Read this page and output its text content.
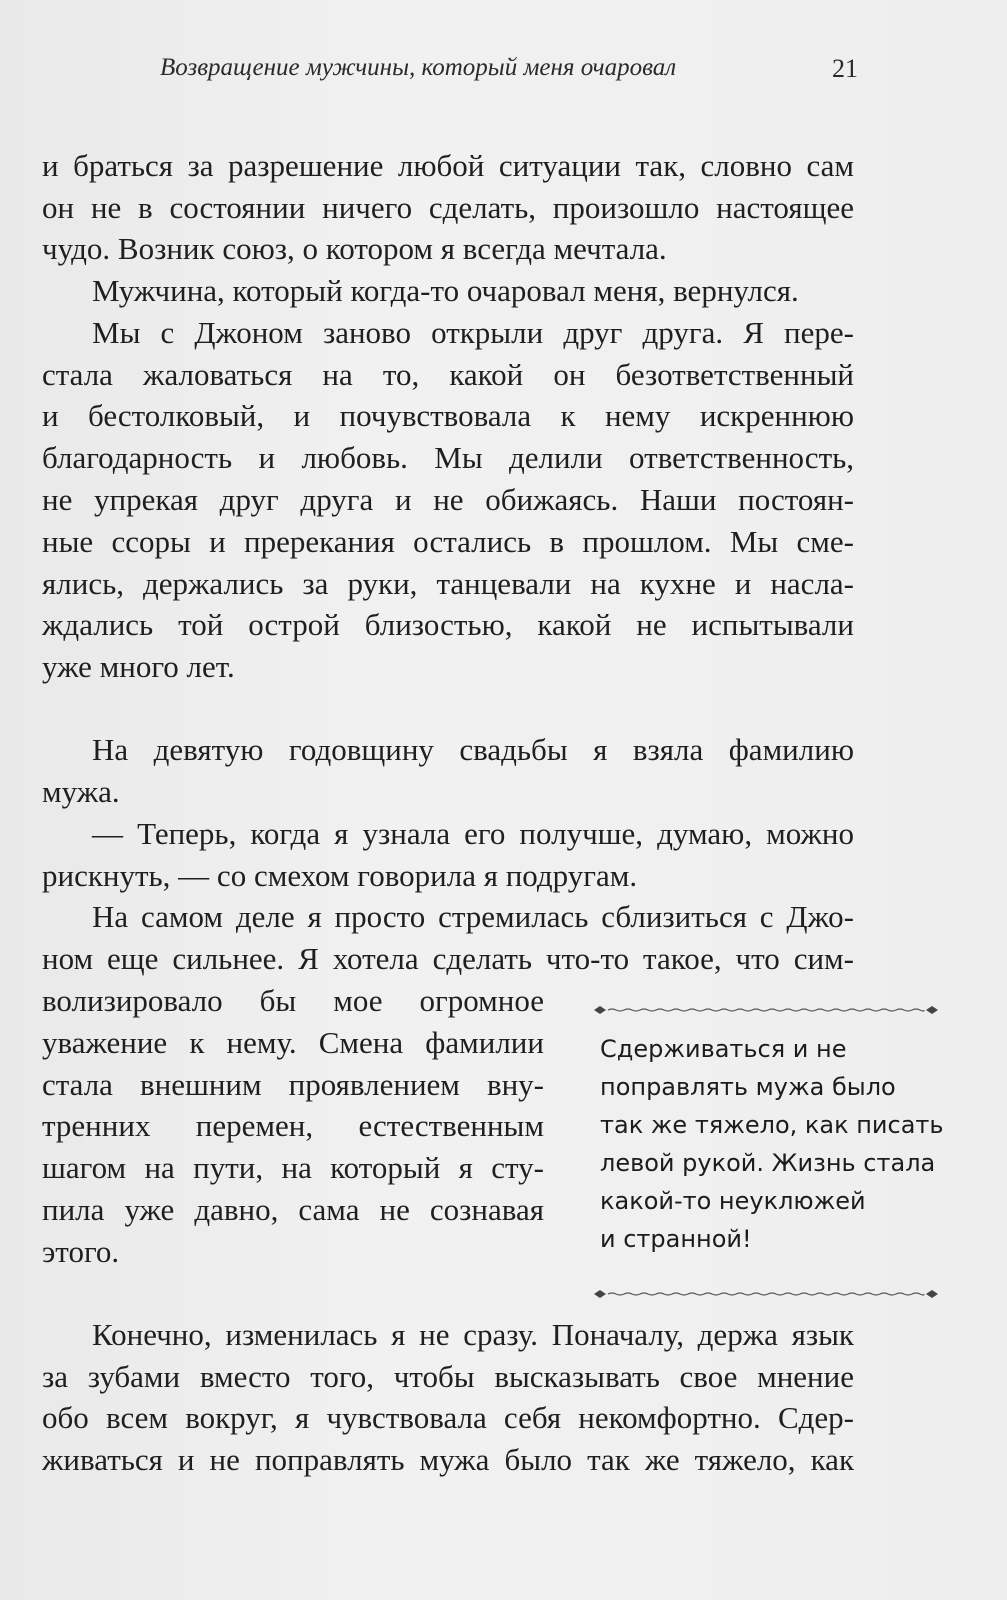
Возвращение мужчины, который меня очаровал	21
и браться за разрешение любой ситуации так, словно сам
он не в состоянии ничего сделать, произошло настоящее
чудо. Возник союз, о котором я всегда мечтала.
Мужчина, который когда-то очаровал меня, вернулся.
Мы с Джоном заново открыли друг друга. Я пере-
стала жаловаться на то, какой он безответственный
и бестолковый, и почувствовала к нему искреннюю
благодарность и любовь. Мы делили ответственность,
не упрекая друг друга и не обижаясь. Наши постоян-
ные ссоры и пререкания остались в прошлом. Мы сме-
ялись, держались за руки, танцевали на кухне и насла-
ждались той острой близостью, какой не испытывали
уже много лет.
На девятую годовщину свадьбы я взяла фамилию
мужа.
— Теперь, когда я узнала его получше, думаю, можно
рискнуть, — со смехом говорила я подругам.
На самом деле я просто стремилась сблизиться с Джо-
ном еще сильнее. Я хотела сделать что-то такое, что сим-
волизировало бы мое огромное
уважение к нему. Смена фамилии
стала внешним проявлением вну-
тренних перемен, естественным
шагом на пути, на который я сту-
пила уже давно, сама не сознавая
этого.
Конечно, изменилась я не сразу. Поначалу, держа язык
за зубами вместо того, чтобы высказывать свое мнение
обо всем вокруг, я чувствовала себя некомфортно. Сдер-
живаться и не поправлять мужа было так же тяжело, как
Сдерживаться и не
поправлять мужа было
так же тяжело, как писать
левой рукой. Жизнь стала
какой-то неуклюжей
и странной!
